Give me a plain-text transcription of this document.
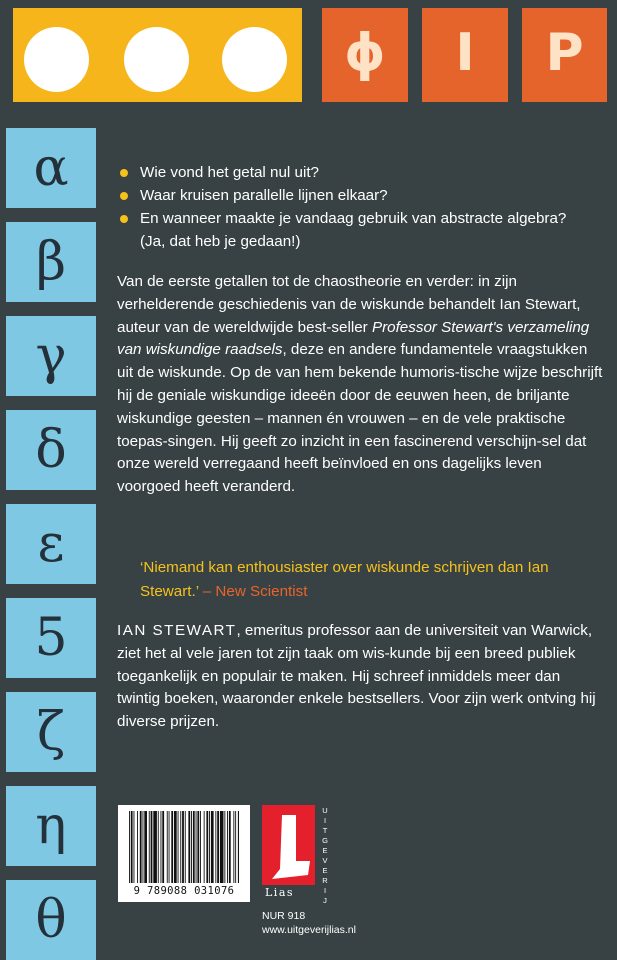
ϕ	I	P
α
β
γ
δ
ε
5
ζ
η
θ
Wie vond het getal nul uit?
Waar kruisen parallelle lijnen elkaar?
En wanneer maakte je vandaag gebruik van abstracte algebra? (Ja, dat heb je gedaan!)

Van de eerste getallen tot de chaostheorie en verder: in zijn verhelderende geschiedenis van de wiskunde behandelt Ian Stewart, auteur van de wereldwijde best-seller Professor Stewart's verzameling van wiskundige raadsels, deze en andere fundamentele vraagstukken uit de wiskunde. Op de van hem bekende humoris-tische wijze beschrijft hij de geniale wiskundige ideeën door de eeuwen heen, de briljante wiskundige geesten – mannen én vrouwen – en de vele praktische toepas-singen. Hij geeft zo inzicht in een fascinerend verschijn-sel dat onze wereld verregaand heeft beïnvloed en ons dagelijks leven voorgoed heeft veranderd.

‘Niemand kan enthousiaster over wiskunde schrijven dan Ian Stewart.’ – New Scientist

IAN STEWART, emeritus professor aan de universiteit van Warwick, ziet het al vele jaren tot zijn taak om wis-kunde bij een breed publiek toegankelijk en populair te maken. Hij schreef inmiddels meer dan twintig boeken, waaronder enkele bestsellers. Voor zijn werk ontving hij diverse prijzen.

9 789088 031076	Lias
U
I
T
G
E
V
E
R
I
J
NUR 918
www.uitgeverijlias.nl
